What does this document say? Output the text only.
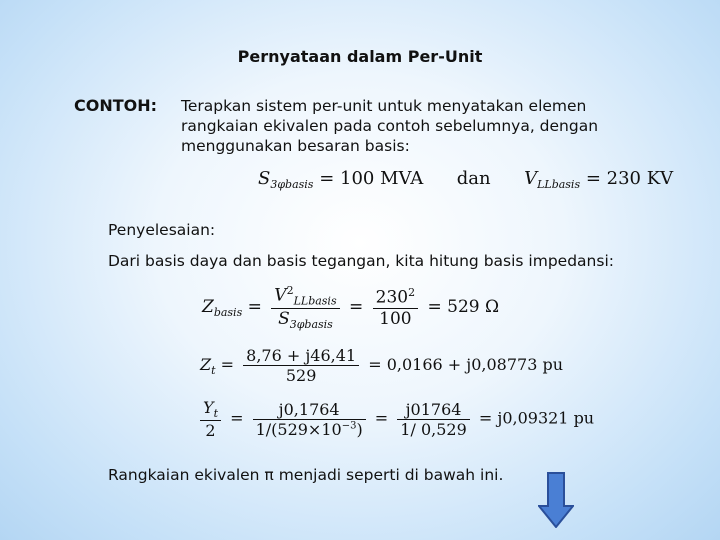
Pernyataan dalam Per-Unit
CONTOH: Terapkan sistem per-unit untuk menyatakan elemen rangkaian ekivalen pada contoh sebelumnya, dengan menggunakan besaran basis:
$S_{3\varphi basis} = 100$ MVA dan $V_{LLbasis} = 230$ KV
Penyelesaian:
Dari basis daya dan basis tegangan, kita hitung basis impedansi:
$Z_{basis} = \frac{V^2_{LLbasis}}{S_{3\varphi basis}} = \frac{230^2}{100} = 529$ Ω
$Z_t = \frac{8,76 + j46,41}{529} = 0,0166 + j0,08773$ pu
$\frac{Y_t}{2} = \frac{j0,1764}{1/(529\times 10^{-3})} = \frac{j01764}{1/ 0,529} = j0,09321$ pu
Rangkaian ekivalen π menjadi seperti di bawah ini.
